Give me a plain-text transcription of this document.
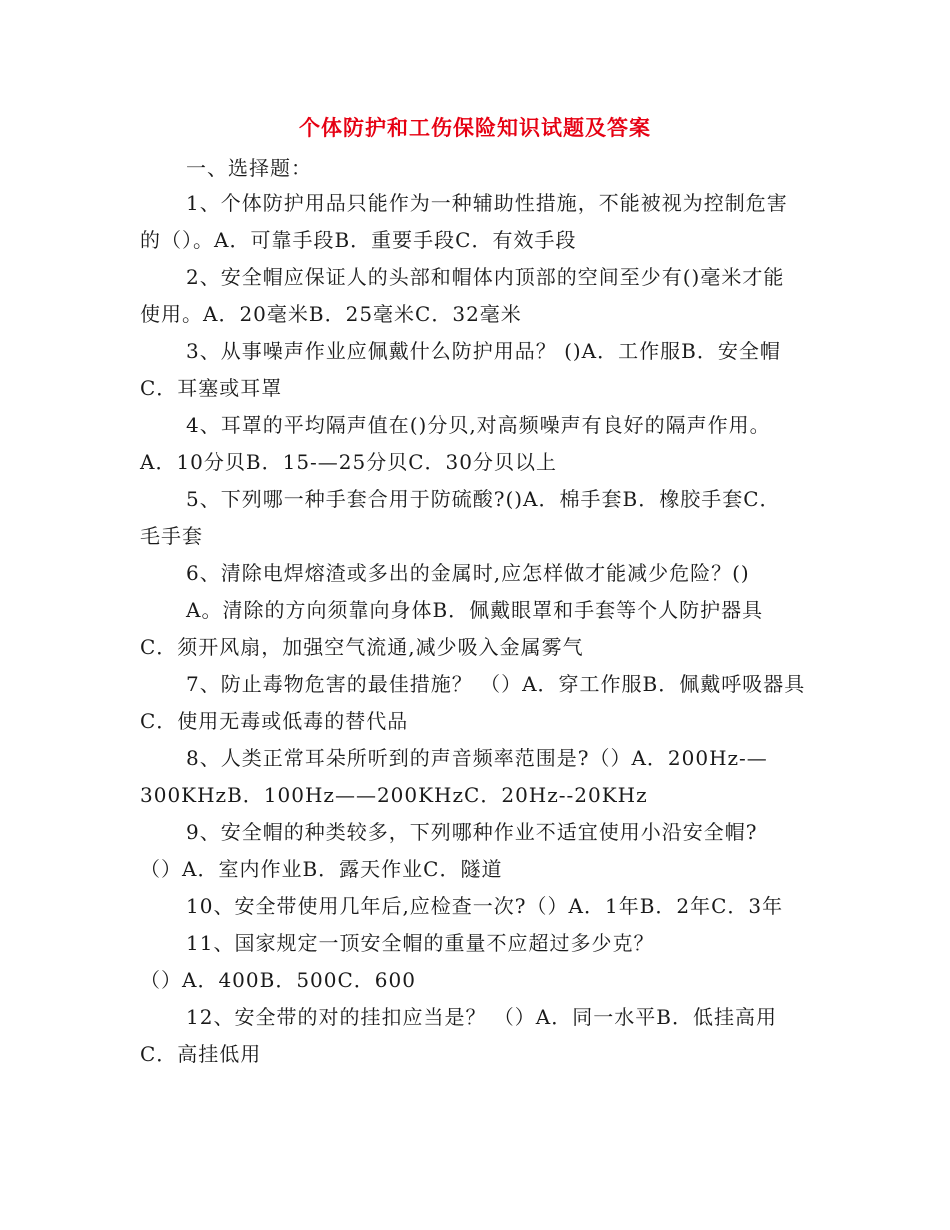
个体防护和工伤保险知识试题及答案

一、选择题：

1、个体防护用品只能作为一种辅助性措施，不能被视为控制危害

的（）。A．可靠手段B．重要手段C．有效手段

2、安全帽应保证人的头部和帽体内顶部的空间至少有()毫米才能

使用。A．20毫米B．25毫米C．32毫米

3、从事噪声作业应佩戴什么防护用品？ ()A．工作服B．安全帽

C．耳塞或耳罩

4、耳罩的平均隔声值在()分贝,对高频噪声有良好的隔声作用。

A．10分贝B．15-—25分贝C．30分贝以上

5、下列哪一种手套合用于防硫酸?()A．棉手套B．橡胶手套C．

毛手套

6、清除电焊熔渣或多出的金属时,应怎样做才能减少危险？()

A。清除的方向须靠向身体B．佩戴眼罩和手套等个人防护器具

C．须开风扇，加强空气流通,减少吸入金属雾气

7、防止毒物危害的最佳措施？ （）A．穿工作服B．佩戴呼吸器具

C．使用无毒或低毒的替代品

8、人类正常耳朵所听到的声音频率范围是?（）A．200Hz-—

300KHzB．100Hz——200KHzC．20Hz--20KHz

9、安全帽的种类较多，下列哪种作业不适宜使用小沿安全帽?

（）A．室内作业B．露天作业C．隧道

10、安全带使用几年后,应检查一次?（）A．1年B．2年C．3年

11、国家规定一顶安全帽的重量不应超过多少克？

（）A．400B．500C．600

12、安全带的对的挂扣应当是？ （）A．同一水平B．低挂高用

C．高挂低用
